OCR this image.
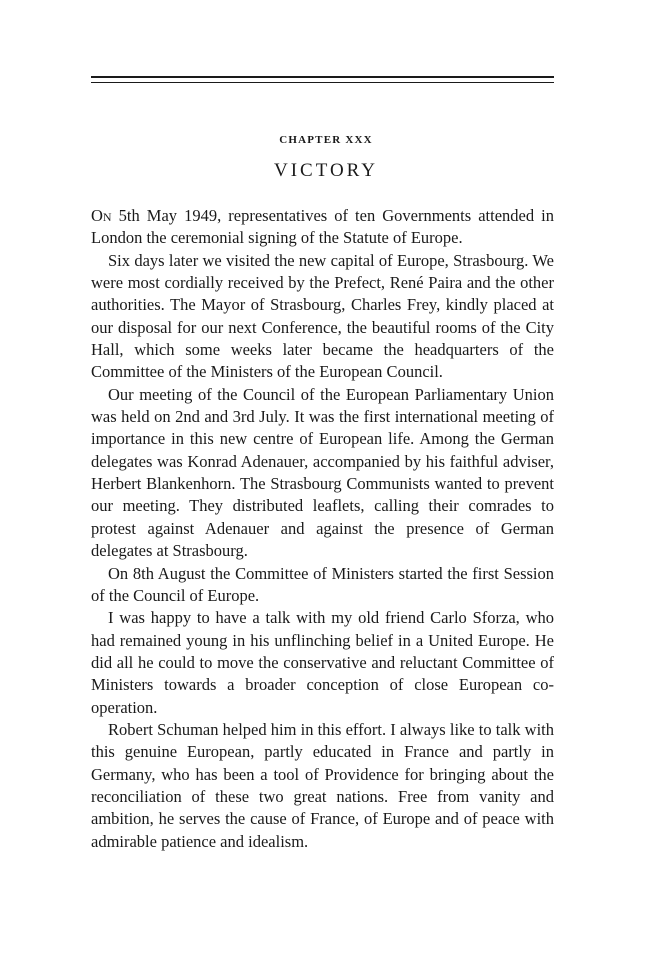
CHAPTER XXX
VICTORY

On 5th May 1949, representatives of ten Governments attended in London the ceremonial signing of the Statute of Europe.

Six days later we visited the new capital of Europe, Strasbourg. We were most cordially received by the Prefect, René Paira and the other authorities. The Mayor of Strasbourg, Charles Frey, kindly placed at our disposal for our next Conference, the beautiful rooms of the City Hall, which some weeks later became the headquarters of the Committee of the Ministers of the European Council.

Our meeting of the Council of the European Parliamentary Union was held on 2nd and 3rd July. It was the first international meeting of importance in this new centre of European life. Among the German delegates was Konrad Adenauer, accompanied by his faithful adviser, Herbert Blankenhorn. The Strasbourg Communists wanted to prevent our meeting. They distributed leaflets, calling their comrades to protest against Adenauer and against the presence of German delegates at Strasbourg.

On 8th August the Committee of Ministers started the first Session of the Council of Europe.

I was happy to have a talk with my old friend Carlo Sforza, who had remained young in his unflinching belief in a United Europe. He did all he could to move the conservative and reluctant Committee of Ministers towards a broader conception of close European co-operation.

Robert Schuman helped him in this effort. I always like to talk with this genuine European, partly educated in France and partly in Germany, who has been a tool of Providence for bringing about the reconciliation of these two great nations. Free from vanity and ambition, he serves the cause of France, of Europe and of peace with admirable patience and idealism.
